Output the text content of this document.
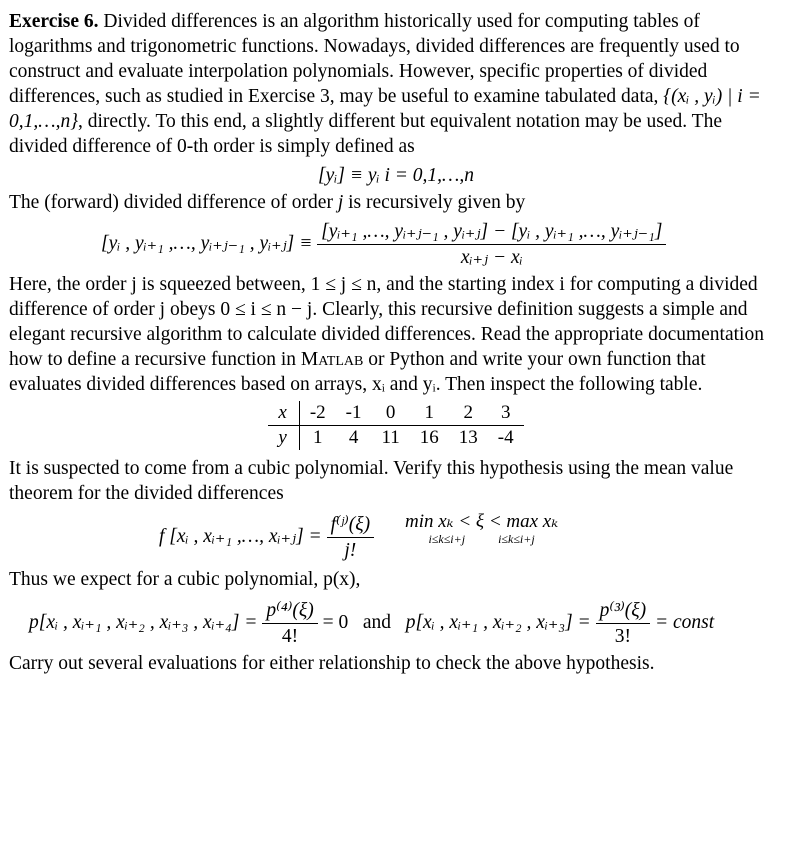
Exercise 6. Divided differences is an algorithm historically used for computing tables of logarithms and trigonometric functions. Nowadays, divided differences are frequently used to construct and evaluate interpolation polynomials. However, specific properties of divided differences, such as studied in Exercise 3, may be useful to examine tabulated data, {(xᵢ , yᵢ) | i = 0,1,…,n}, directly. To this end, a slightly different but equivalent notation may be used. The divided difference of 0-th order is simply defined as

[yᵢ] ≡ yᵢ i = 0,1,…,n

The (forward) divided difference of order j is recursively given by

[yᵢ , yᵢ₊₁ ,…, yᵢ₊ⱼ₋₁ , yᵢ₊ⱼ] ≡ $\frac{\text{[yᵢ₊₁ ,…, yᵢ₊ⱼ₋₁ , yᵢ₊ⱼ] − [yᵢ , yᵢ₊₁ ,…, yᵢ₊ⱼ₋₁]}}{\text{xᵢ₊ⱼ − xᵢ}}$

Here, the order j is squeezed between, 1 ≤ j ≤ n, and the starting index i for computing a divided difference of order j obeys 0 ≤ i ≤ n − j. Clearly, this recursive definition suggests a simple and elegant recursive algorithm to calculate divided differences. Read the appropriate documentation how to define a recursive function in Matlab or Python and write your own function that evaluates divided differences based on arrays, xᵢ and yᵢ. Then inspect the following table.

x	-2	-1	0	1	2	3
y	1	4	11	16	13	-4

It is suspected to come from a cubic polynomial. Verify this hypothesis using the mean value theorem for the divided differences

f [xᵢ , xᵢ₊₁ ,…, xᵢ₊ⱼ] = $\frac{\text{f⁽ʲ⁾(ξ)}}{j!}$
min xₖ < ξ < max xₖ
i≤k≤i+j	i≤k≤i+j

Thus we expect for a cubic polynomial, p(x),

p[xᵢ , xᵢ₊₁ , xᵢ₊₂ , xᵢ₊₃ , xᵢ₊₄] = $\frac{\text{p⁽⁴⁾(ξ)}}{4!} = 0$ and p[xᵢ , xᵢ₊₁ , xᵢ₊₂ , xᵢ₊₃] = $\frac{\text{p⁽³⁾(ξ)}}{3!}$ = const

Carry out several evaluations for either relationship to check the above hypothesis.
